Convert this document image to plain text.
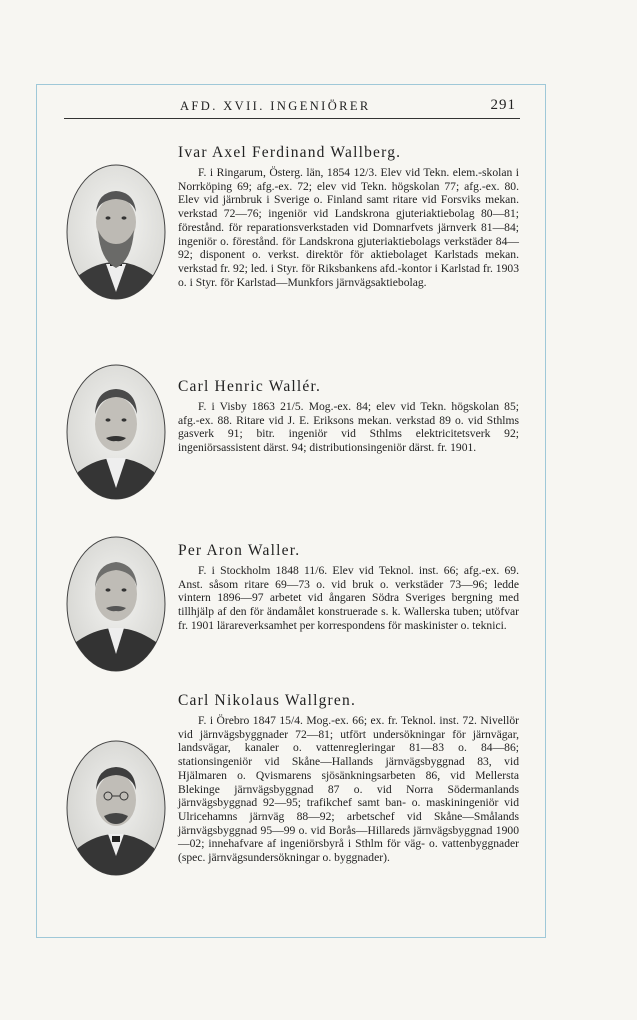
AFD. XVII. INGENIÖRER	291
Ivar Axel Ferdinand Wallberg.
F. i Ringarum, Österg. län, 1854 12/3. Elev vid Tekn. elem.-skolan i Norrköping 69; afg.-ex. 72; elev vid Tekn. högskolan 77; afg.-ex. 80. Elev vid järnbruk i Sverige o. Finland samt ritare vid Forsviks mekan. verkstad 72—76; ingeniör vid Landskrona gjuteriaktiebolag 80—81; förestånd. för reparationsverkstaden vid Domnarfvets järnverk 81—84; ingeniör o. förestånd. för Landskrona gjuteriaktiebolags verkstäder 84—92; disponent o. verkst. direktör för aktiebolaget Karlstads mekan. verkstad fr. 92; led. i Styr. för Riksbankens afd.-kontor i Karlstad fr. 1903 o. i Styr. för Karlstad—Munkfors järnvägsaktiebolag.
Carl Henric Wallér.
F. i Visby 1863 21/5. Mog.-ex. 84; elev vid Tekn. högskolan 85; afg.-ex. 88. Ritare vid J. E. Eriksons mekan. verkstad 89 o. vid Sthlms gasverk 91; bitr. ingeniör vid Sthlms elektricitetsverk 92; ingeniörsassistent därst. 94; distributionsingeniör därst. fr. 1901.
Per Aron Waller.
F. i Stockholm 1848 11/6. Elev vid Teknol. inst. 66; afg.-ex. 69. Anst. såsom ritare 69—73 o. vid bruk o. verkstäder 73—96; ledde vintern 1896—97 arbetet vid ångaren Södra Sveriges bergning med tillhjälp af den för ändamålet konstruerade s. k. Wallerska tuben; utöfvar fr. 1901 lärareverksamhet per korrespondens för maskinister o. teknici.
Carl Nikolaus Wallgren.
F. i Örebro 1847 15/4. Mog.-ex. 66; ex. fr. Teknol. inst. 72. Nivellör vid järnvägsbyggnader 72—81; utfört undersökningar för järnvägar, landsvägar, kanaler o. vattenregleringar 81—83 o. 84—86; stationsingeniör vid Skåne—Hallands järnvägsbyggnad 83, vid Hjälmaren o. Qvismarens sjösänkningsarbeten 86, vid Mellersta Blekinge järnvägsbyggnad 87 o. vid Norra Södermanlands järnvägsbyggnad 92—95; trafikchef samt ban- o. maskiningeniör vid Ulricehamns järnväg 88—92; arbetschef vid Skåne—Smålands järnvägsbyggnad 95—99 o. vid Borås—Hillareds järnvägsbyggnad 1900—02; innehafvare af ingeniörsbyrå i Sthlm för väg- o. vattenbyggnader (spec. järnvägsundersökningar o. byggnader).
